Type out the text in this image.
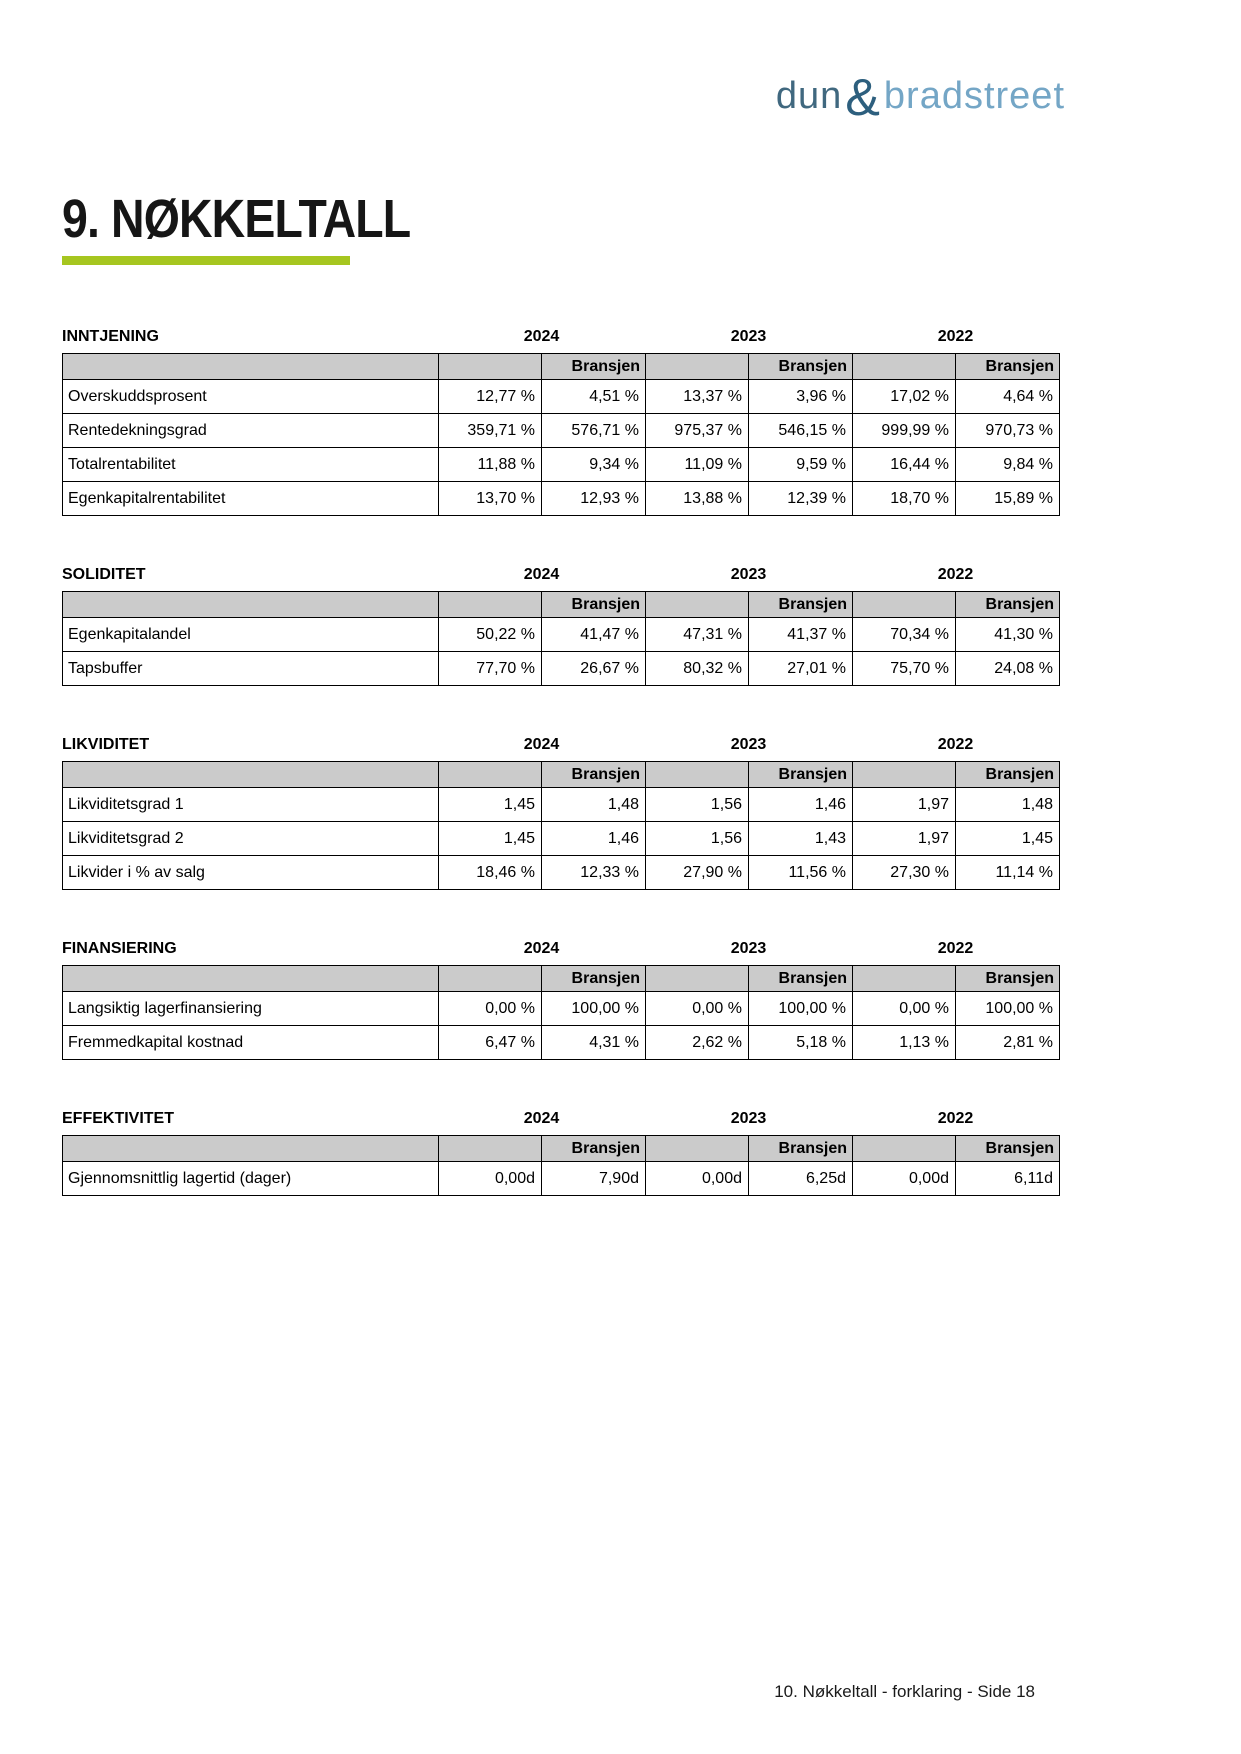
dun & bradstreet
9. NØKKELTALL
INNTJENING	2024	2023	2022
		Bransjen		Bransjen		Bransjen
Overskuddsprosent	12,77 %	4,51 %	13,37 %	3,96 %	17,02 %	4,64 %
Rentedekningsgrad	359,71 %	576,71 %	975,37 %	546,15 %	999,99 %	970,73 %
Totalrentabilitet	11,88 %	9,34 %	11,09 %	9,59 %	16,44 %	9,84 %
Egenkapitalrentabilitet	13,70 %	12,93 %	13,88 %	12,39 %	18,70 %	15,89 %
SOLIDITET	2024	2023	2022
		Bransjen		Bransjen		Bransjen
Egenkapitalandel	50,22 %	41,47 %	47,31 %	41,37 %	70,34 %	41,30 %
Tapsbuffer	77,70 %	26,67 %	80,32 %	27,01 %	75,70 %	24,08 %
LIKVIDITET	2024	2023	2022
		Bransjen		Bransjen		Bransjen
Likviditetsgrad 1	1,45	1,48	1,56	1,46	1,97	1,48
Likviditetsgrad 2	1,45	1,46	1,56	1,43	1,97	1,45
Likvider i % av salg	18,46 %	12,33 %	27,90 %	11,56 %	27,30 %	11,14 %
FINANSIERING	2024	2023	2022
		Bransjen		Bransjen		Bransjen
Langsiktig lagerfinansiering	0,00 %	100,00 %	0,00 %	100,00 %	0,00 %	100,00 %
Fremmedkapital kostnad	6,47 %	4,31 %	2,62 %	5,18 %	1,13 %	2,81 %
EFFEKTIVITET	2024	2023	2022
		Bransjen		Bransjen		Bransjen
Gjennomsnittlig lagertid (dager)	0,00d	7,90d	0,00d	6,25d	0,00d	6,11d
10. Nøkkeltall - forklaring - Side 18
